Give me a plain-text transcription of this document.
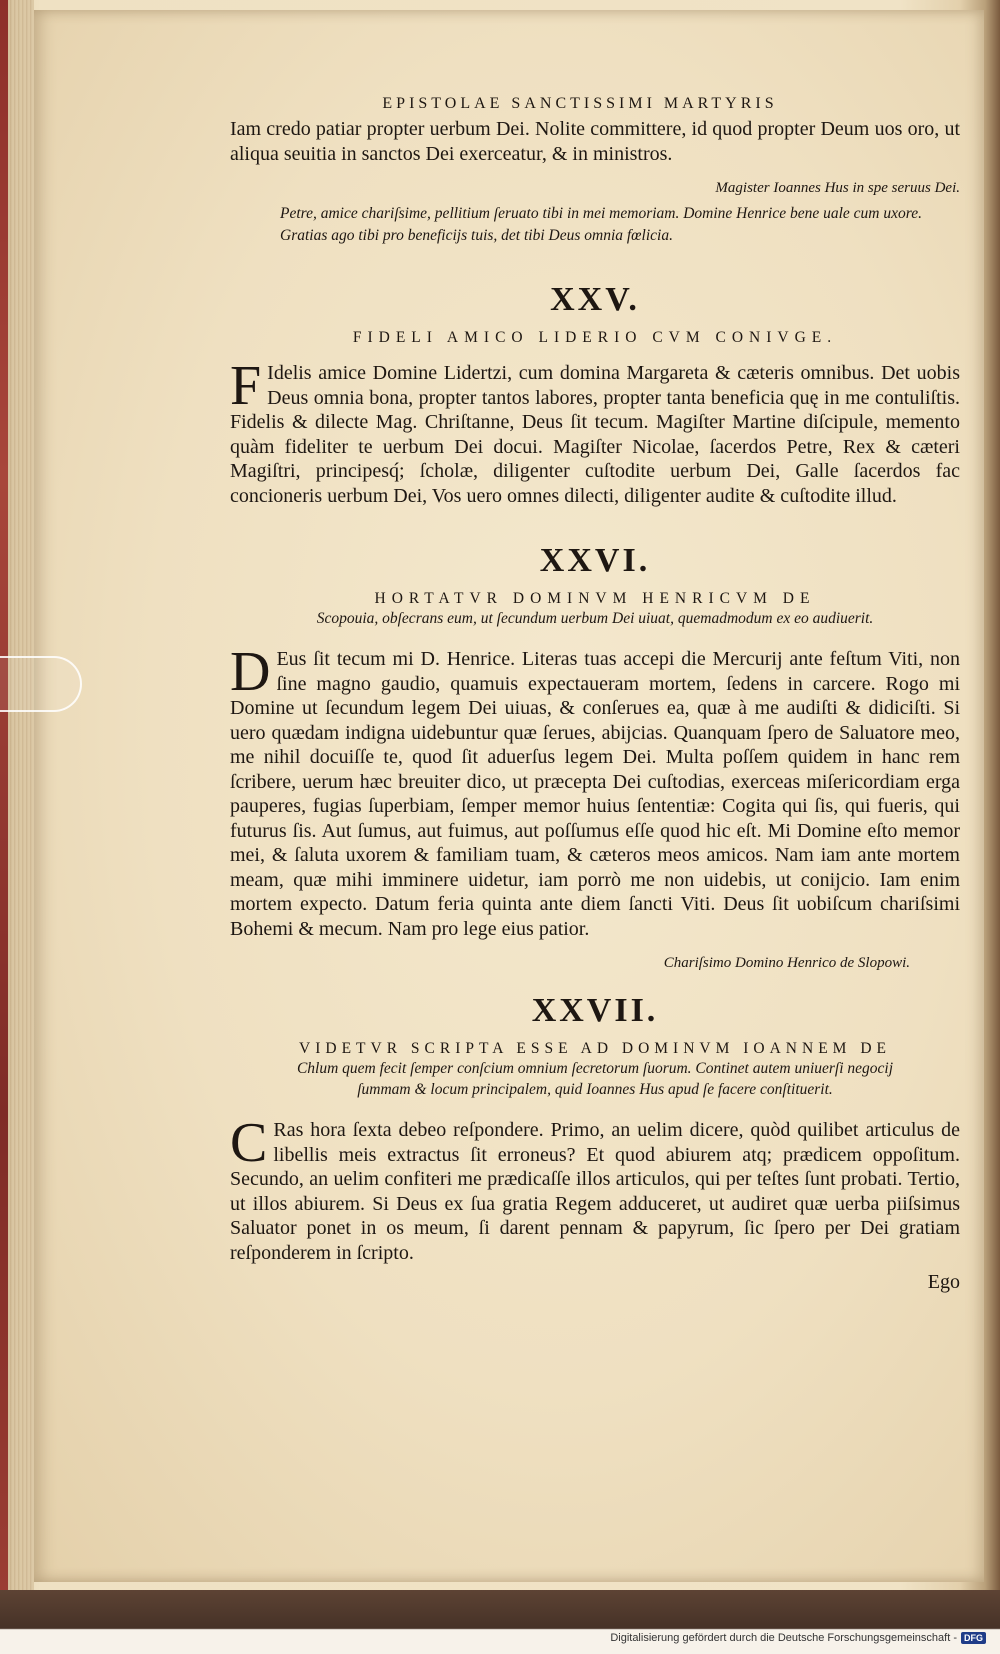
EPISTOLAE SANCTISSIMI MARTYRIS

Iam credo patiar propter uerbum Dei. Nolite committere, id quod propter Deum uos oro, ut aliqua seuitia in sanctos Dei exerceatur, & in ministros.

Magister Ioannes Hus in spe seruus Dei.

Petre, amice chariſsime, pellitium ſeruato tibi in mei memoriam. Domine Henrice bene uale cum uxore. Gratias ago tibi pro beneficijs tuis, det tibi Deus omnia fœlicia.

XXV.

FIDELI AMICO LIDERIO CVM CONIVGE.

F Idelis amice Domine Lidertzi, cum domina Margareta & cæteris omnibus. Det uobis Deus omnia bona, propter tantos labores, propter tanta beneficia quę in me contuliſtis. Fidelis & dilecte Mag. Chriſtanne, Deus ſit tecum. Magiſter Martine diſcipule, memento quàm fideliter te uerbum Dei docui. Magiſter Nicolae, ſacerdos Petre, Rex & cæteri Magiſtri, principesq́; ſcholæ, diligenter cuſtodite uerbum Dei, Galle ſacerdos fac concioneris uerbum Dei, Vos uero omnes dilecti, diligenter audite & cuſtodite illud.

XXVI.

HORTATVR DOMINVM HENRICVM DE

Scopouia, obſecrans eum, ut ſecundum uerbum Dei uiuat, quemadmodum ex eo audiuerit.

D Eus ſit tecum mi D. Henrice. Literas tuas accepi die Mercurij ante feſtum Viti, non ſine magno gaudio, quamuis expectaueram mortem, ſedens in carcere. Rogo mi Domine ut ſecundum legem Dei uiuas, & conſerues ea, quæ à me audiſti & didiciſti. Si uero quædam indigna uidebuntur quæ ſerues, abijcias. Quanquam ſpero de Saluatore meo, me nihil docuiſſe te, quod ſit aduerſus legem Dei. Multa poſſem quidem in hanc rem ſcribere, uerum hæc breuiter dico, ut præcepta Dei cuſtodias, exerceas miſericordiam erga pauperes, fugias ſuperbiam, ſemper memor huius ſententiæ: Cogita qui ſis, qui fueris, qui futurus ſis. Aut ſumus, aut fuimus, aut poſſumus eſſe quod hic eſt. Mi Domine eſto memor mei, & ſaluta uxorem & familiam tuam, & cæteros meos amicos. Nam iam ante mortem meam, quæ mihi imminere uidetur, iam porrò me non uidebis, ut conijcio. Iam enim mortem expecto. Datum feria quinta ante diem ſancti Viti. Deus ſit uobiſcum chariſsimi Bohemi & mecum. Nam pro lege eius patior.

Chariſsimo Domino Henrico de Slopowi.
XXVII.

VIDETVR SCRIPTA ESSE AD DOMINVM IOANNEM DE

Chlum quem fecit ſemper conſcium omnium ſecretorum ſuorum. Continet autem uniuerſi negocij ſummam & locum principalem, quid Ioannes Hus apud ſe facere conſtituerit.

C Ras hora ſexta debeo reſpondere. Primo, an uelim dicere, quòd quilibet articulus de libellis meis extractus ſit erroneus? Et quod abiurem atq; prædicem oppoſitum. Secundo, an uelim confiteri me prædicaſſe illos articulos, qui per teſtes ſunt probati. Tertio, ut illos abiurem. Si Deus ex ſua gratia Regem adduceret, ut audiret quæ uerba piiſsimus Saluator ponet in os meum, ſi darent pennam & papyrum, ſic ſpero per Dei gratiam reſponderem in ſcripto.

Ego
Digitalisierung gefördert durch die Deutsche Forschungsgemeinschaft - DFG
